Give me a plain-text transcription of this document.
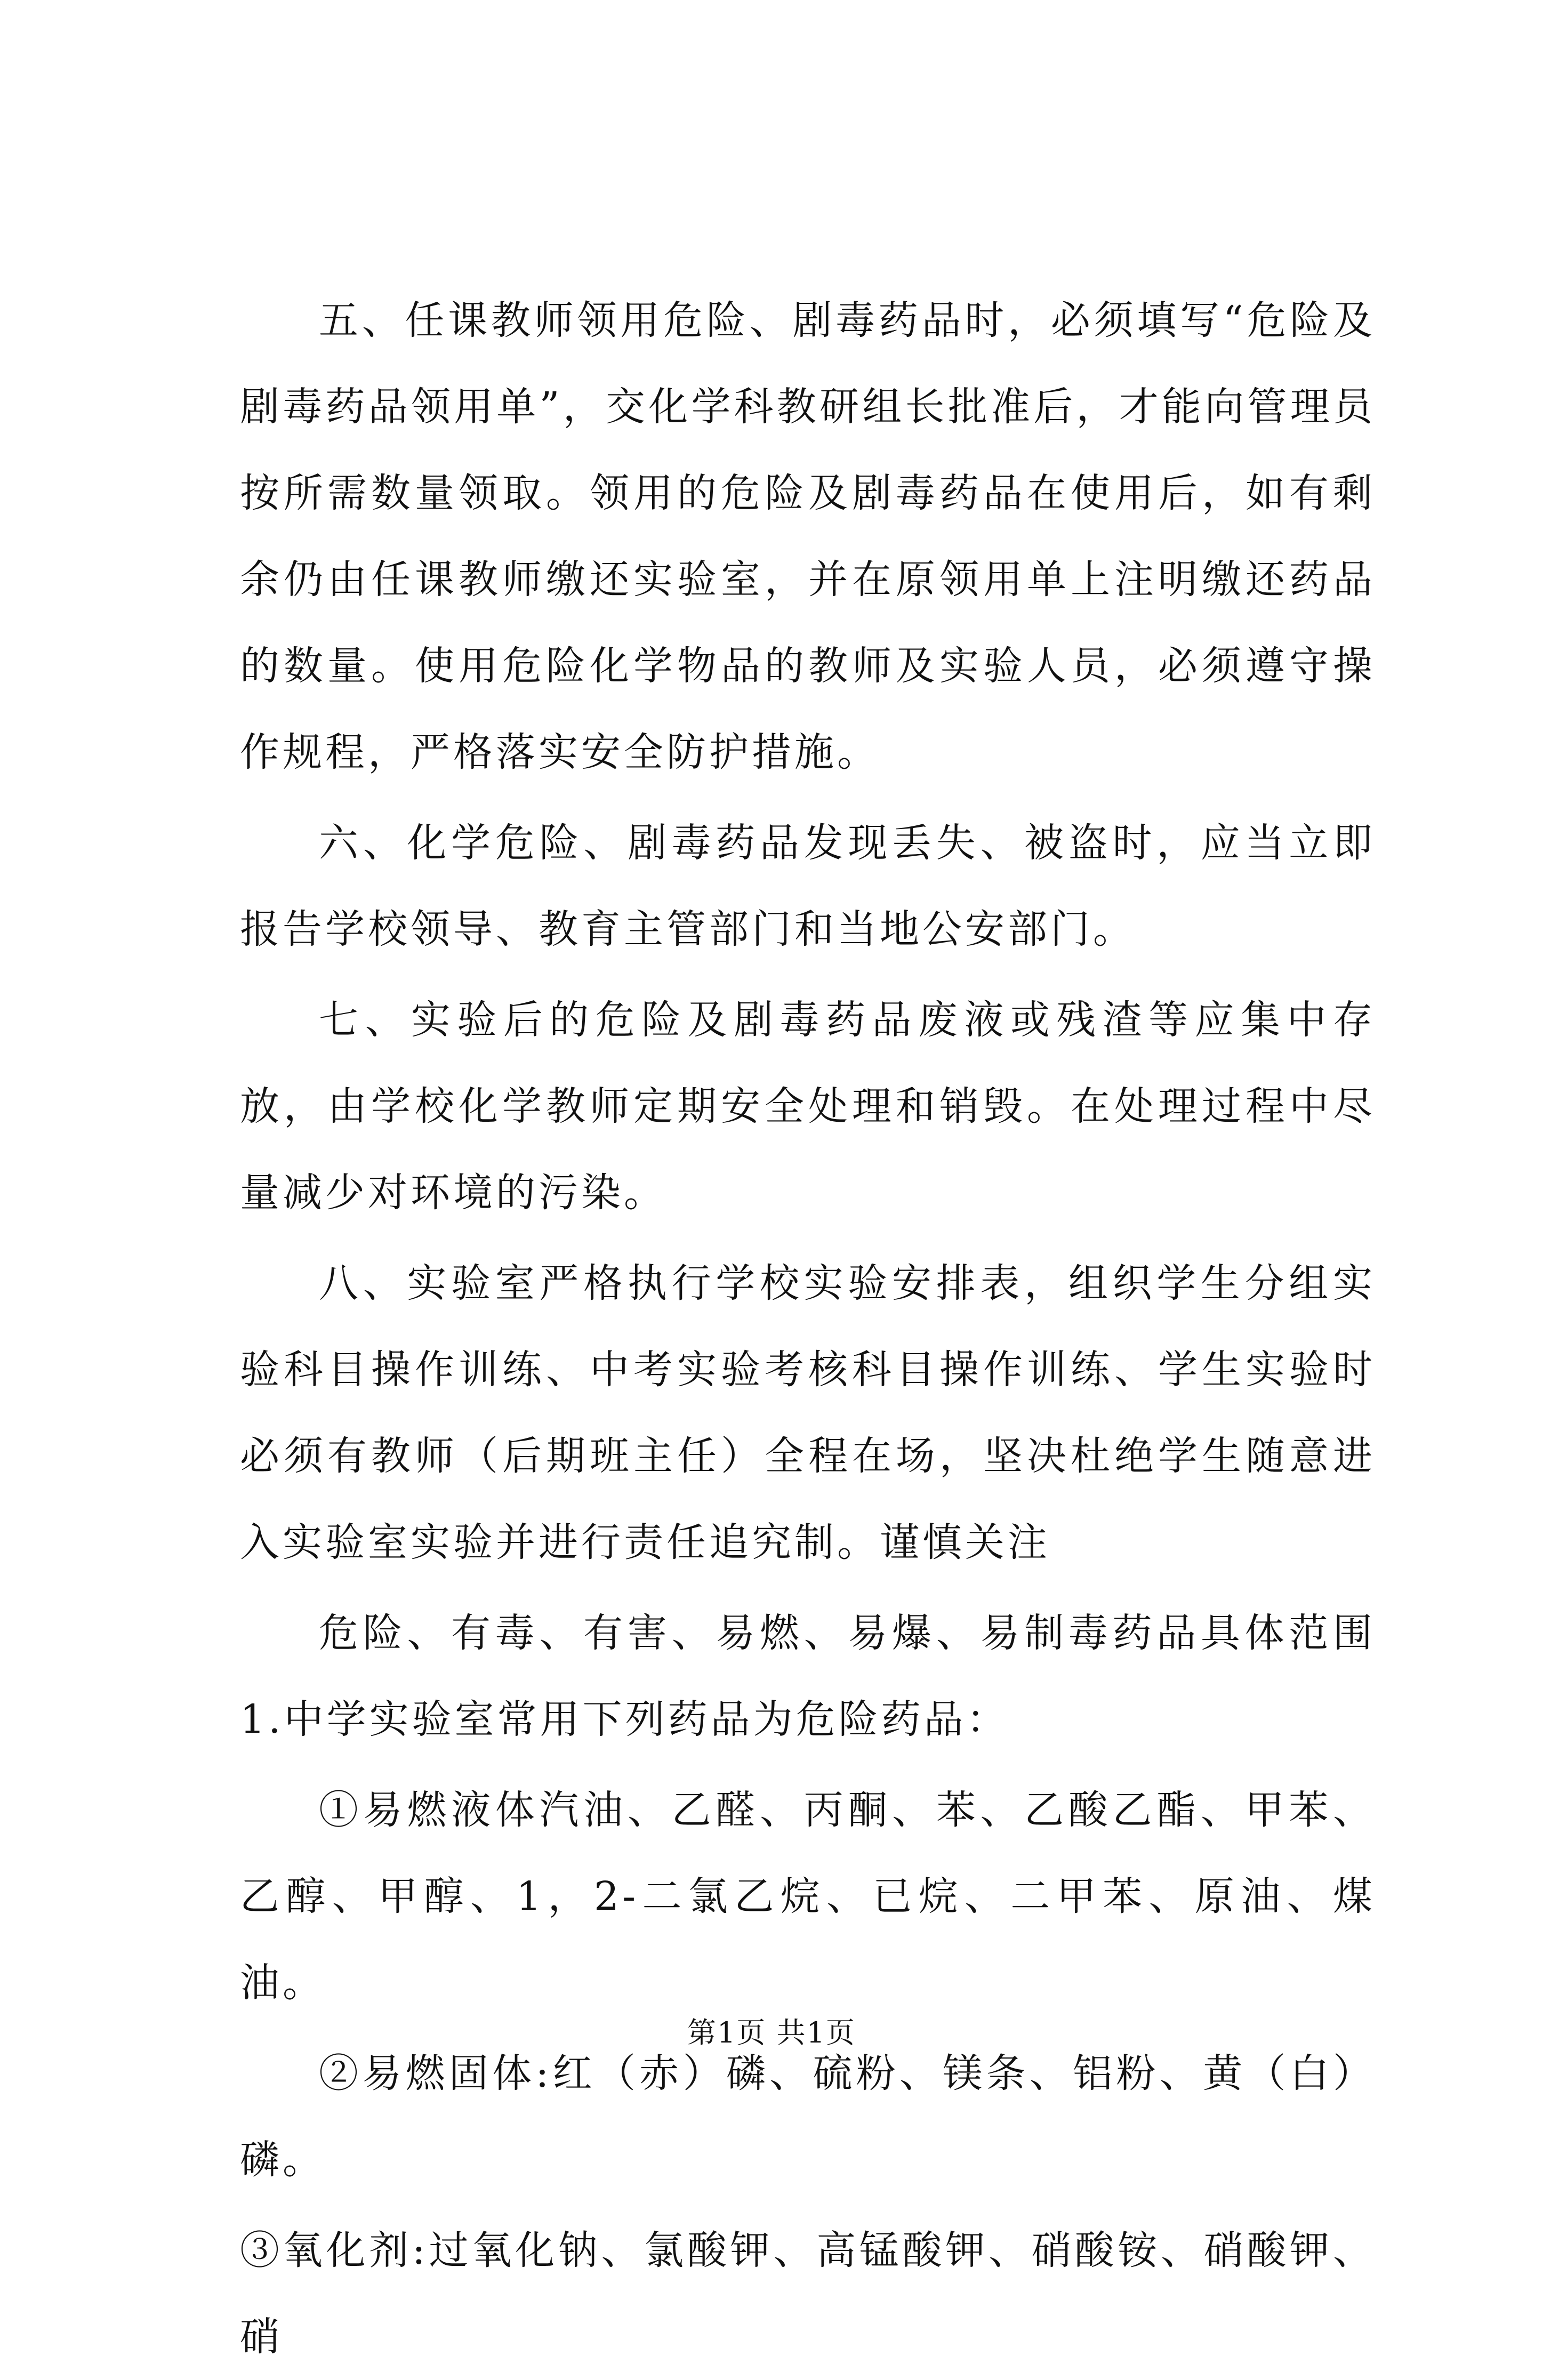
五、任课教师领用危险、剧毒药品时，必须填写“危险及剧毒药品领用单”，交化学科教研组长批准后，才能向管理员按所需数量领取。领用的危险及剧毒药品在使用后，如有剩余仍由任课教师缴还实验室，并在原领用单上注明缴还药品的数量。使用危险化学物品的教师及实验人员，必须遵守操作规程，严格落实安全防护措施。

六、化学危险、剧毒药品发现丢失、被盗时，应当立即报告学校领导、教育主管部门和当地公安部门。

七、实验后的危险及剧毒药品废液或残渣等应集中存放，由学校化学教师定期安全处理和销毁。在处理过程中尽量减少对环境的污染。

八、实验室严格执行学校实验安排表，组织学生分组实验科目操作训练、中考实验考核科目操作训练、学生实验时必须有教师（后期班主任）全程在场，坚决杜绝学生随意进入实验室实验并进行责任追究制。谨慎关注

危险、有毒、有害、易燃、易爆、易制毒药品具体范围1.中学实验室常用下列药品为危险药品：

①易燃液体汽油、乙醛、丙酮、苯、乙酸乙酯、甲苯、乙醇、甲醇、1，2-二氯乙烷、已烷、二甲苯、原油、煤油。

②易燃固体:红（赤）磷、硫粉、镁条、铝粉、黄（白）磷。

③氧化剂:过氧化钠、氯酸钾、高锰酸钾、硝酸铵、硝酸钾、硝

第1页 共1页
